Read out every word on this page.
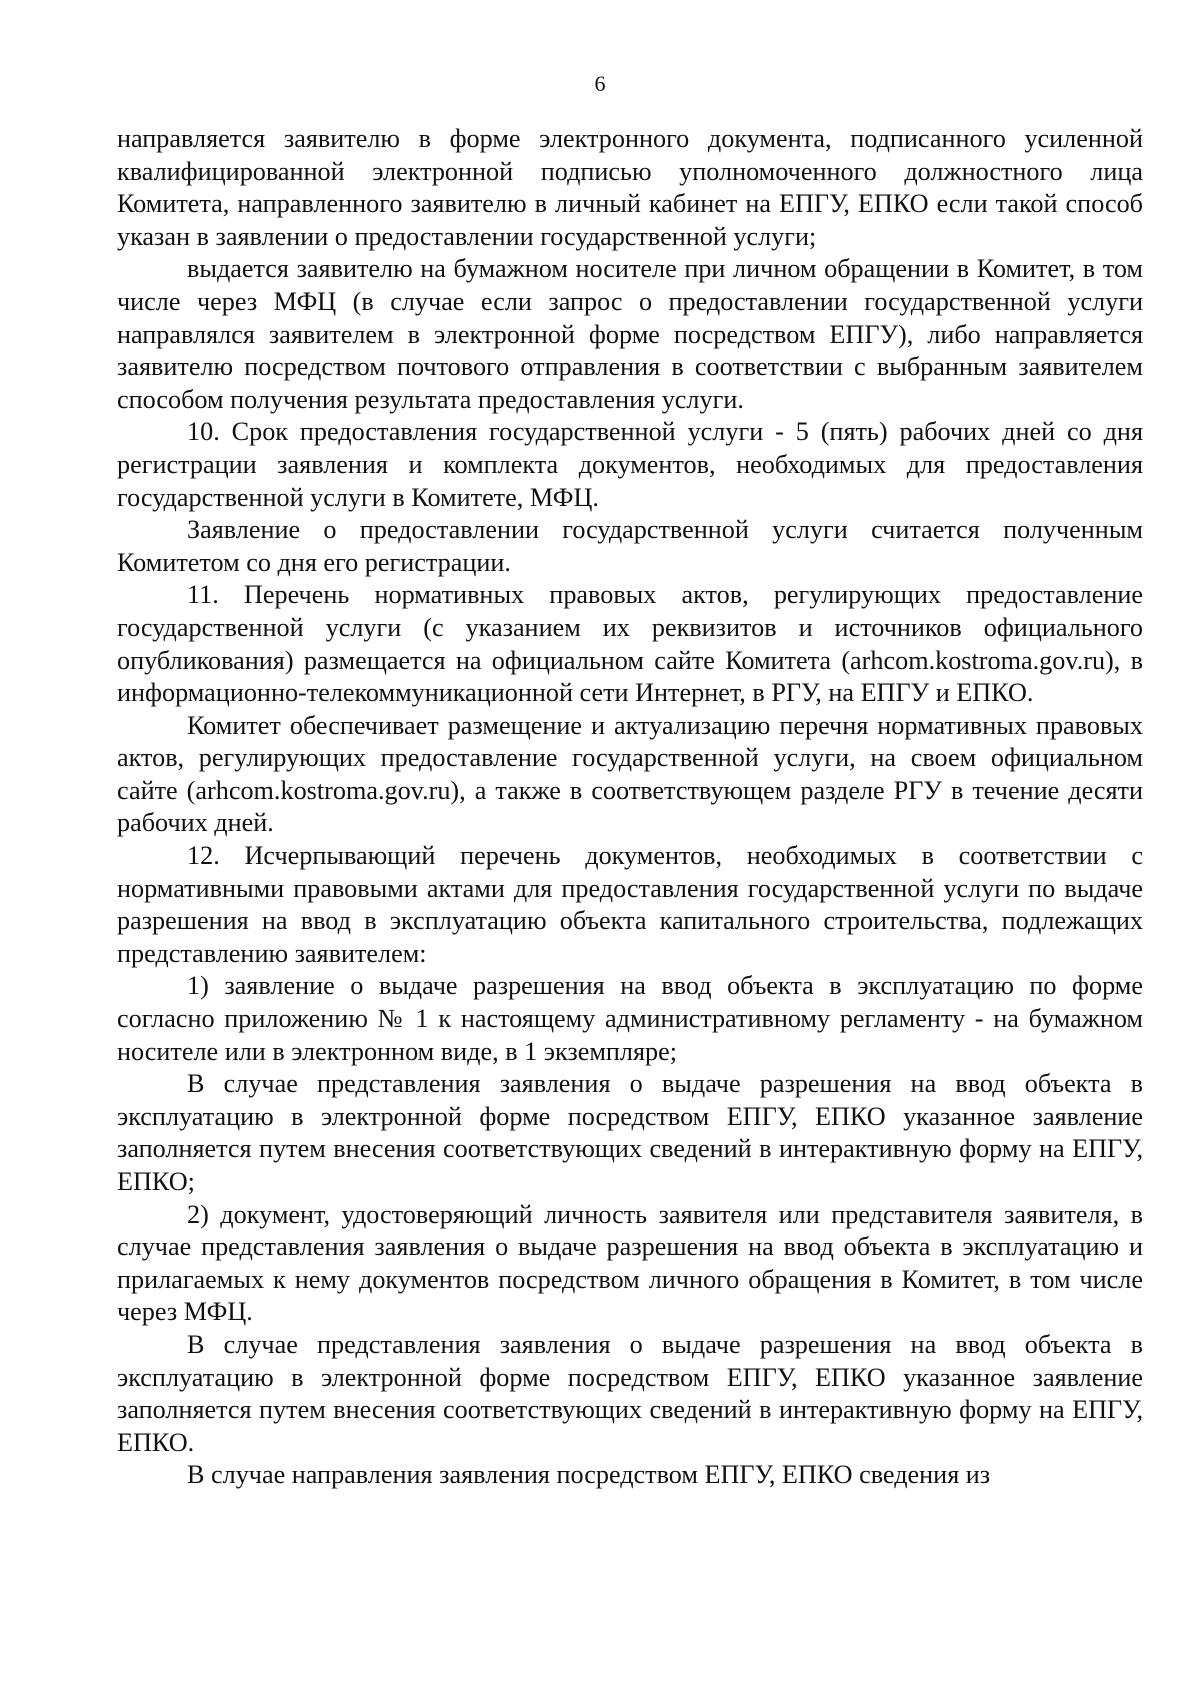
6

направляется заявителю в форме электронного документа, подписанного усиленной квалифицированной электронной подписью уполномоченного должностного лица Комитета, направленного заявителю в личный кабинет на ЕПГУ, ЕПКО если такой способ указан в заявлении о предоставлении государственной услуги;

выдается заявителю на бумажном носителе при личном обращении в Комитет, в том числе через МФЦ (в случае если запрос о предоставлении государственной услуги направлялся заявителем в электронной форме посредством ЕПГУ), либо направляется заявителю посредством почтового отправления в соответствии с выбранным заявителем способом получения результата предоставления услуги.

10. Срок предоставления государственной услуги - 5 (пять) рабочих дней со дня регистрации заявления и комплекта документов, необходимых для предоставления государственной услуги в Комитете, МФЦ.

Заявление о предоставлении государственной услуги считается полученным Комитетом со дня его регистрации.

11. Перечень нормативных правовых актов, регулирующих предоставление государственной услуги (с указанием их реквизитов и источников официального опубликования) размещается на официальном сайте Комитета (arhcom.kostroma.gov.ru), в информационно-телекоммуникационной сети Интернет, в РГУ, на ЕПГУ и ЕПКО.

Комитет обеспечивает размещение и актуализацию перечня нормативных правовых актов, регулирующих предоставление государственной услуги, на своем официальном сайте (arhcom.kostroma.gov.ru), а также в соответствующем разделе РГУ в течение десяти рабочих дней.

12. Исчерпывающий перечень документов, необходимых в соответствии с нормативными правовыми актами для предоставления государственной услуги по выдаче разрешения на ввод в эксплуатацию объекта капитального строительства, подлежащих представлению заявителем:

1) заявление о выдаче разрешения на ввод объекта в эксплуатацию по форме согласно приложению № 1 к настоящему административному регламенту - на бумажном носителе или в электронном виде, в 1 экземпляре;

В случае представления заявления о выдаче разрешения на ввод объекта в эксплуатацию в электронной форме посредством ЕПГУ, ЕПКО указанное заявление заполняется путем внесения соответствующих сведений в интерактивную форму на ЕПГУ, ЕПКО;

2) документ, удостоверяющий личность заявителя или представителя заявителя, в случае представления заявления о выдаче разрешения на ввод объекта в эксплуатацию и прилагаемых к нему документов посредством личного обращения в Комитет, в том числе через МФЦ.

В случае представления заявления о выдаче разрешения на ввод объекта в эксплуатацию в электронной форме посредством ЕПГУ, ЕПКО указанное заявление заполняется путем внесения соответствующих сведений в интерактивную форму на ЕПГУ, ЕПКО.

В случае направления заявления посредством ЕПГУ, ЕПКО сведения из
